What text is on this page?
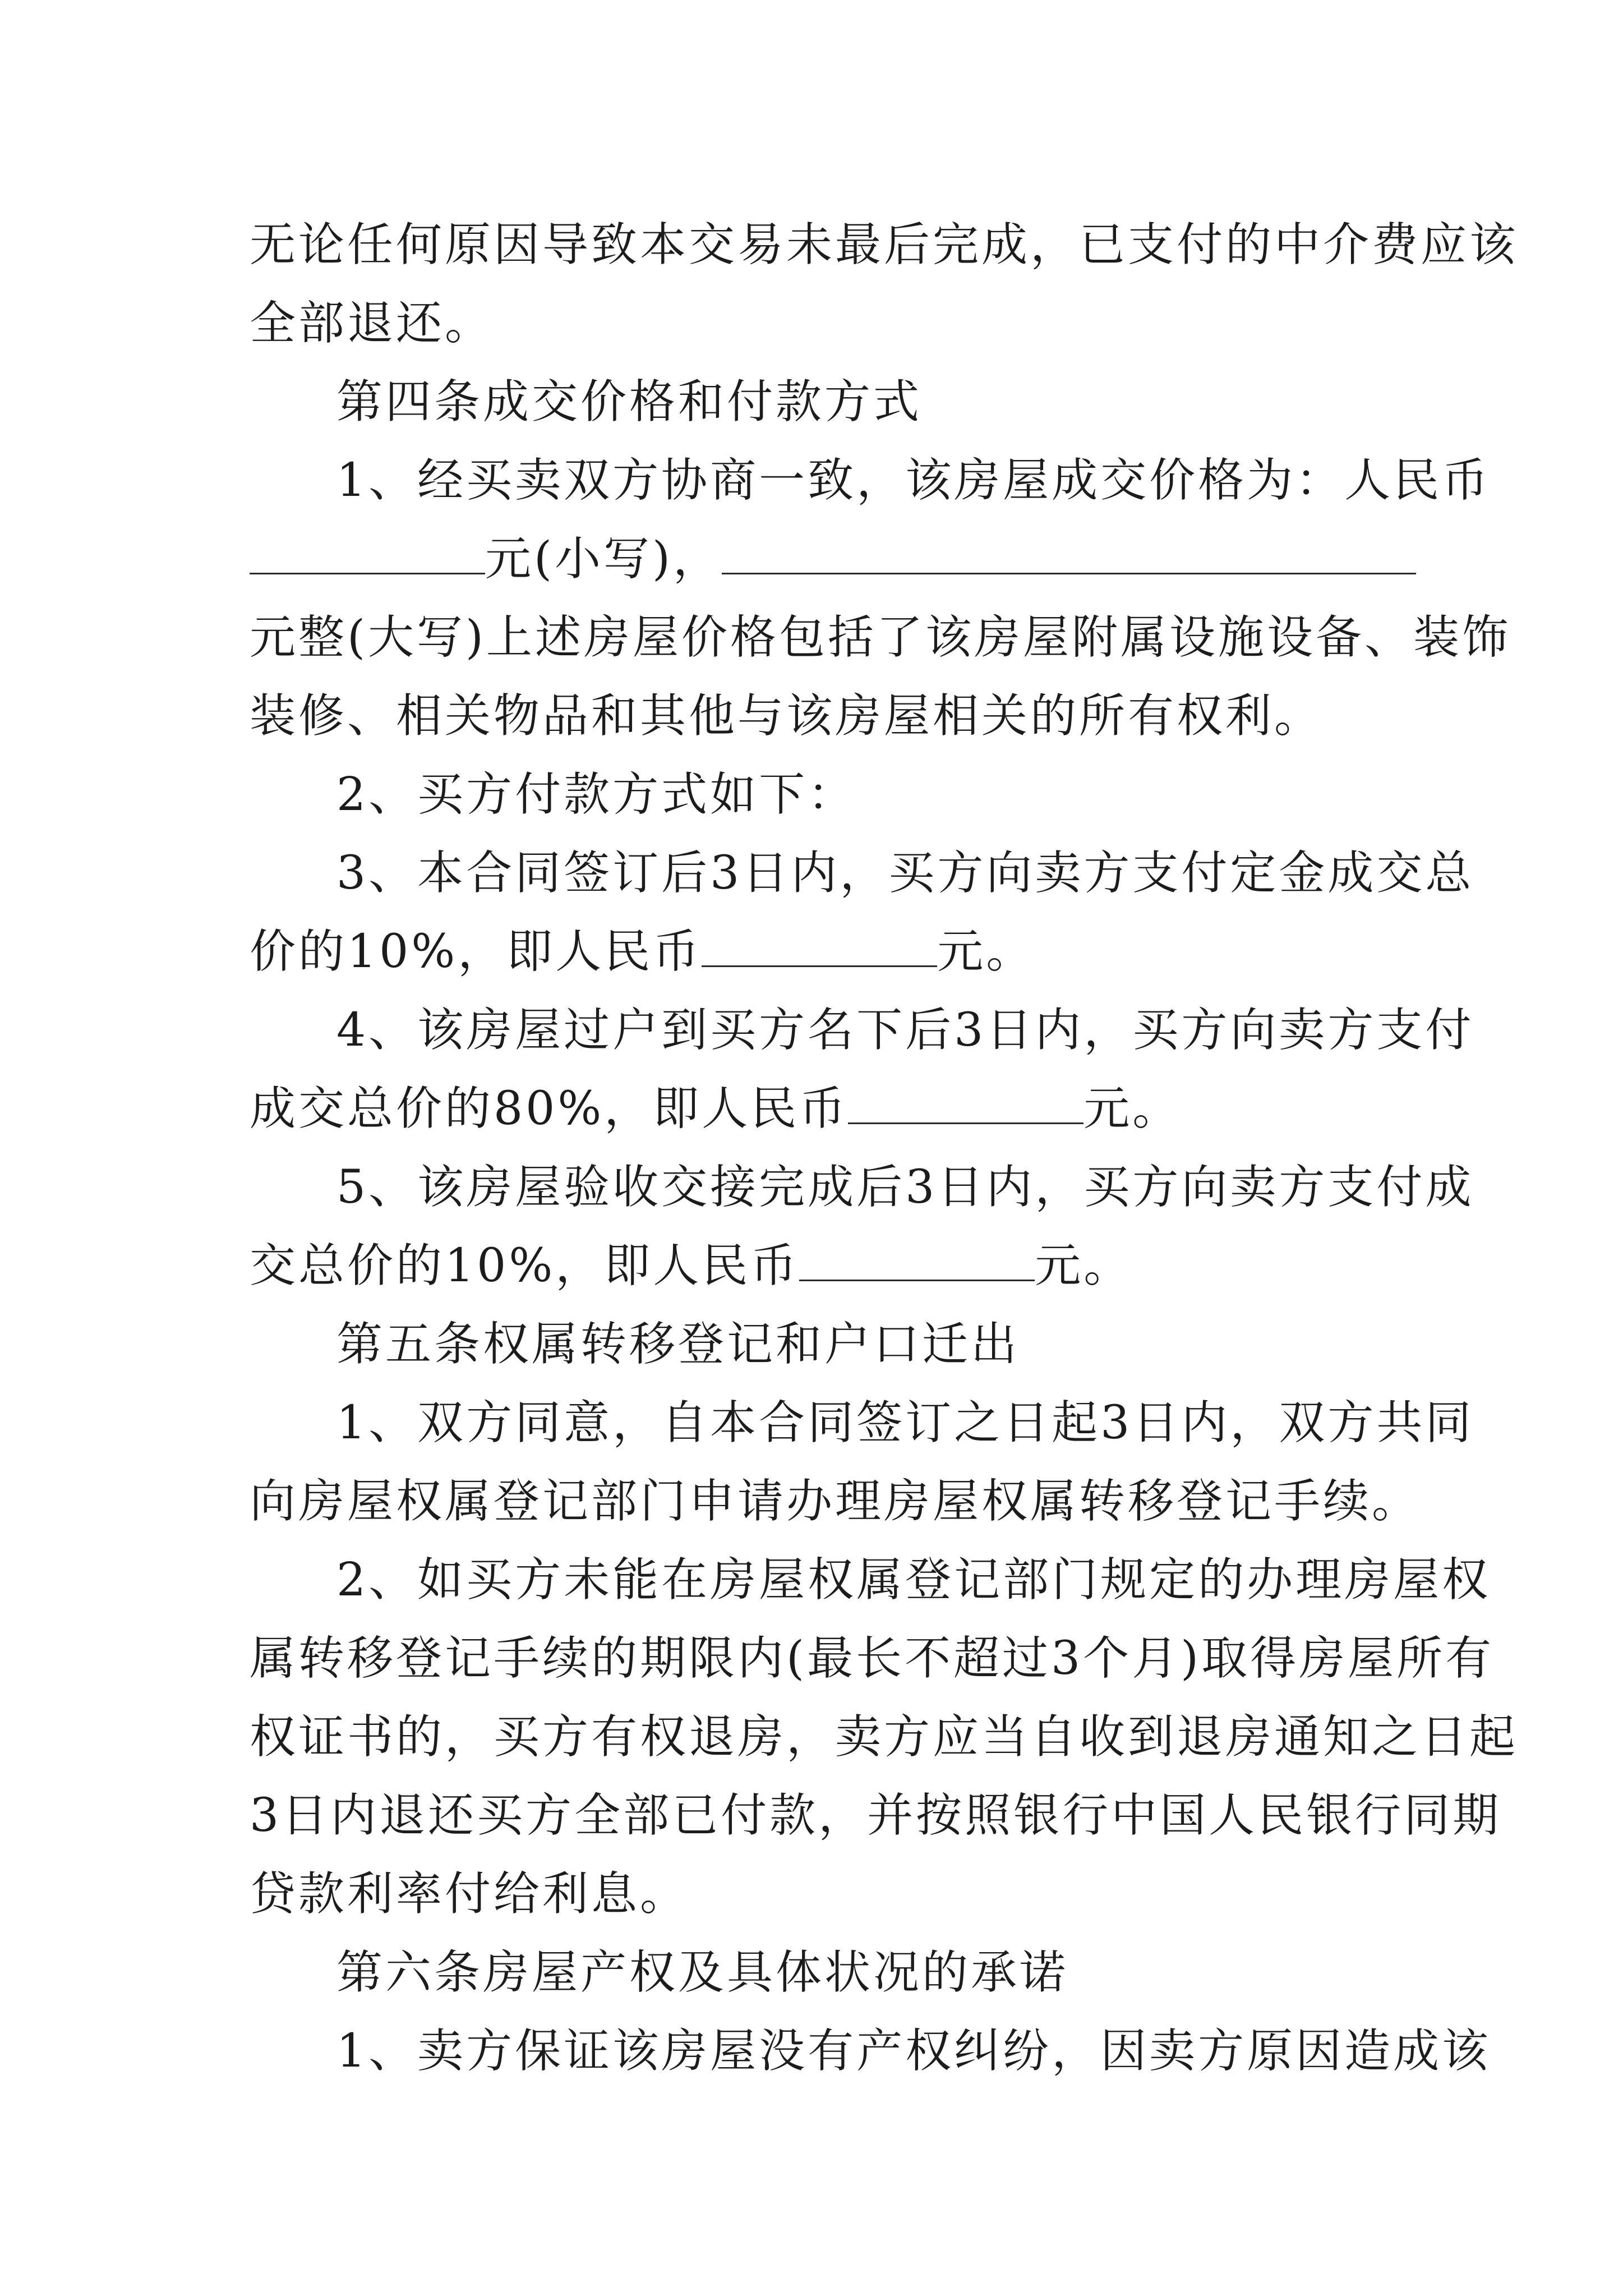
无论任何原因导致本交易未最后完成，已支付的中介费应该
全部退还。
第四条成交价格和付款方式
1、经买卖双方协商一致，该房屋成交价格为：人民币
元(小写)，
元整(大写)上述房屋价格包括了该房屋附属设施设备、装饰
装修、相关物品和其他与该房屋相关的所有权利。
2、买方付款方式如下：
3、本合同签订后3日内，买方向卖方支付定金成交总
价的10%，即人民币	元。
4、该房屋过户到买方名下后3日内，买方向卖方支付
成交总价的80%，即人民币	元。
5、该房屋验收交接完成后3日内，买方向卖方支付成
交总价的10%，即人民币	元。
第五条权属转移登记和户口迁出
1、双方同意，自本合同签订之日起3日内，双方共同
向房屋权属登记部门申请办理房屋权属转移登记手续。
2、如买方未能在房屋权属登记部门规定的办理房屋权
属转移登记手续的期限内(最长不超过3个月)取得房屋所有
权证书的，买方有权退房，卖方应当自收到退房通知之日起
3日内退还买方全部已付款，并按照银行中国人民银行同期
贷款利率付给利息。
第六条房屋产权及具体状况的承诺
1、卖方保证该房屋没有产权纠纷，因卖方原因造成该
